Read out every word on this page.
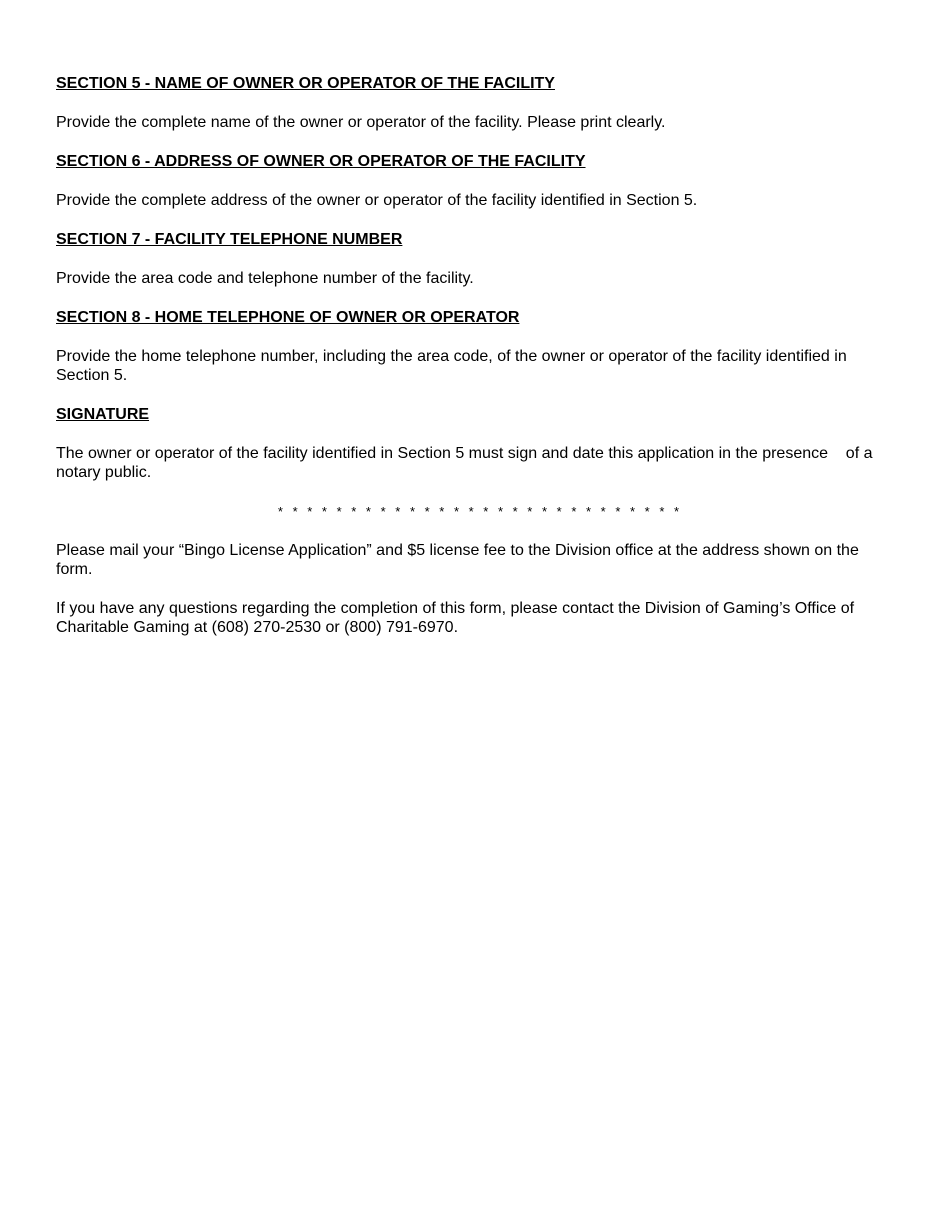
SECTION 5 - NAME OF OWNER OR OPERATOR OF THE FACILITY
Provide the complete name of the owner or operator of the facility. Please print clearly.
SECTION 6 - ADDRESS OF OWNER OR OPERATOR OF THE FACILITY
Provide the complete address of the owner or operator of the facility identified in Section 5.
SECTION 7 - FACILITY TELEPHONE NUMBER
Provide the area code and telephone number of the facility.
SECTION 8 - HOME TELEPHONE OF OWNER OR OPERATOR
Provide the home telephone number, including the area code, of the owner or operator of the facility identified in Section 5.
SIGNATURE
The owner or operator of the facility identified in Section 5 must sign and date this application in the presence    of a notary public.
* * * * * * * * * * * * * * * * * * * * * * * * * * * *
Please mail your “Bingo License Application” and $5 license fee to the Division office at the address shown on the form.
If you have any questions regarding the completion of this form, please contact the Division of Gaming’s Office of Charitable Gaming at (608) 270-2530 or (800) 791-6970.
